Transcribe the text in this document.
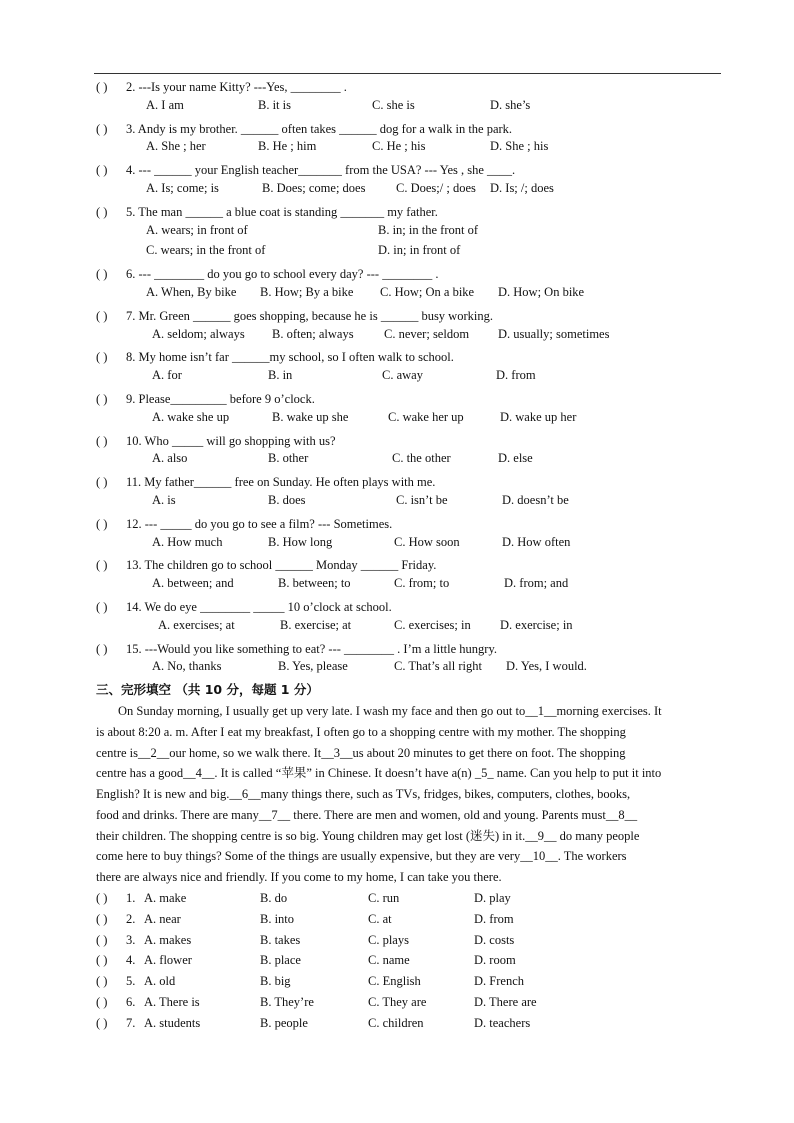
( ) 2. ---Is your name Kitty? ---Yes, ________ .
A. I am	B. it is	C. she is	D. she’s
( ) 3. Andy is my brother. ______ often takes ______ dog for a walk in the park.
A. She ; her	B. He ; him	C. He ; his	D. She ; his
( ) 4. --- ______ your English teacher_______ from the USA? --- Yes , she ____.
A. Is; come; is	B. Does; come; does C. Does;/ ; does D. Is; /; does
( ) 5. The man ______ a blue coat is standing _______ my father.
A. wears; in front of	B. in; in the front of
C. wears; in the front of	D. in; in front of
( ) 6. --- ________ do you go to school every day? --- ________ .
A. When, By bike B. How; By a bike C. How; On a bike D. How; On bike
( ) 7. Mr. Green ______ goes shopping, because he is ______ busy working.
A. seldom; always B. often; always C. never; seldom D. usually; sometimes
( ) 8. My home isn’t far ______my school, so I often walk to school.
A. for	B. in	C. away	D. from
( ) 9. Please_________ before 9 o’clock.
A. wake she up	B. wake up she	C. wake her up	D. wake up her
( ) 10. Who _____ will go shopping with us?
A. also	B. other	C. the other	D. else
( ) 11. My father______ free on Sunday. He often plays with me.
A. is	B. does	C. isn’t be	D. doesn’t be
( ) 12. --- _____ do you go to see a film? --- Sometimes.
A. How much	B. How long	C. How soon	D. How often
( ) 13. The children go to school ______ Monday ______ Friday.
A. between; and	B. between; to	C. from; to	D. from; and
( ) 14. We do eye ________ _____ 10 o’clock at school.
A. exercises; at	B. exercise; at	C. exercises; in D. exercise; in
( ) 15. ---Would you like something to eat? --- ________ . I’m a little hungry.
A. No, thanks	B. Yes, please	C. That’s all right D. Yes, I would.
三、完形填空 （共 10 分，每题 1 分）

On Sunday morning, I usually get up very late. I wash my face and then go out to__1__morning exercises. It

is about 8:20 a. m. After I eat my breakfast, I often go to a shopping centre with my mother. The shopping

centre is__2__our home, so we walk there. It__3__us about 20 minutes to get there on foot. The shopping

centre has a good__4__. It is called “苹果” in Chinese. It doesn’t have a(n) _5_ name. Can you help to put it into

English? It is new and big.__6__many things there, such as TVs, fridges, bikes, computers, clothes, books,

food and drinks. There are many__7__ there. There are men and women, old and young. Parents must__8__

their children. The shopping centre is so big. Young children may get lost (迷失) in it.__9__ do many people

come here to buy things? Some of the things are usually expensive, but they are very__10__. The workers

there are always nice and friendly. If you come to my home, I can take you there.

( ) 1. A. make	B. do	C. run	D. play
( ) 2. A. near	B. into	C. at	D. from
( ) 3. A. makes	B. takes	C. plays	D. costs
( ) 4. A. flower	B. place	C. name	D. room
( ) 5. A. old	B. big	C. English	D. French
( ) 6. A. There is	B. They’re	C. They are	D. There are
( ) 7. A. students	B. people	C. children	D. teachers
